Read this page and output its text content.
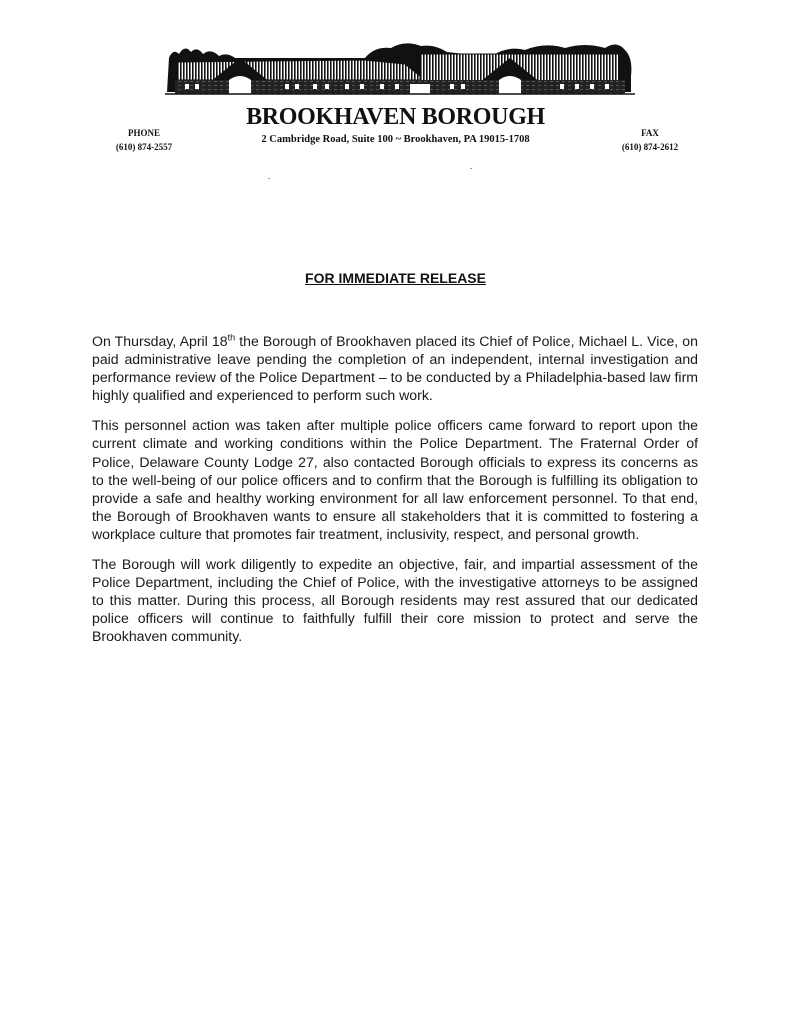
BROOKHAVEN BOROUGH
2 Cambridge Road, Suite 100 ~ Brookhaven, PA 19015-1708
PHONE
(610) 874-2557
FAX
(610) 874-2612
FOR IMMEDIATE RELEASE

On Thursday, April 18th the Borough of Brookhaven placed its Chief of Police, Michael L. Vice, on paid administrative leave pending the completion of an independent, internal investigation and performance review of the Police Department – to be conducted by a Philadelphia-based law firm highly qualified and experienced to perform such work.

This personnel action was taken after multiple police officers came forward to report upon the current climate and working conditions within the Police Department. The Fraternal Order of Police, Delaware County Lodge 27, also contacted Borough officials to express its concerns as to the well-being of our police officers and to confirm that the Borough is fulfilling its obligation to provide a safe and healthy working environment for all law enforcement personnel. To that end, the Borough of Brookhaven wants to ensure all stakeholders that it is committed to fostering a workplace culture that promotes fair treatment, inclusivity, respect, and personal growth.

The Borough will work diligently to expedite an objective, fair, and impartial assessment of the Police Department, including the Chief of Police, with the investigative attorneys to be assigned to this matter. During this process, all Borough residents may rest assured that our dedicated police officers will continue to faithfully fulfill their core mission to protect and serve the Brookhaven community.
